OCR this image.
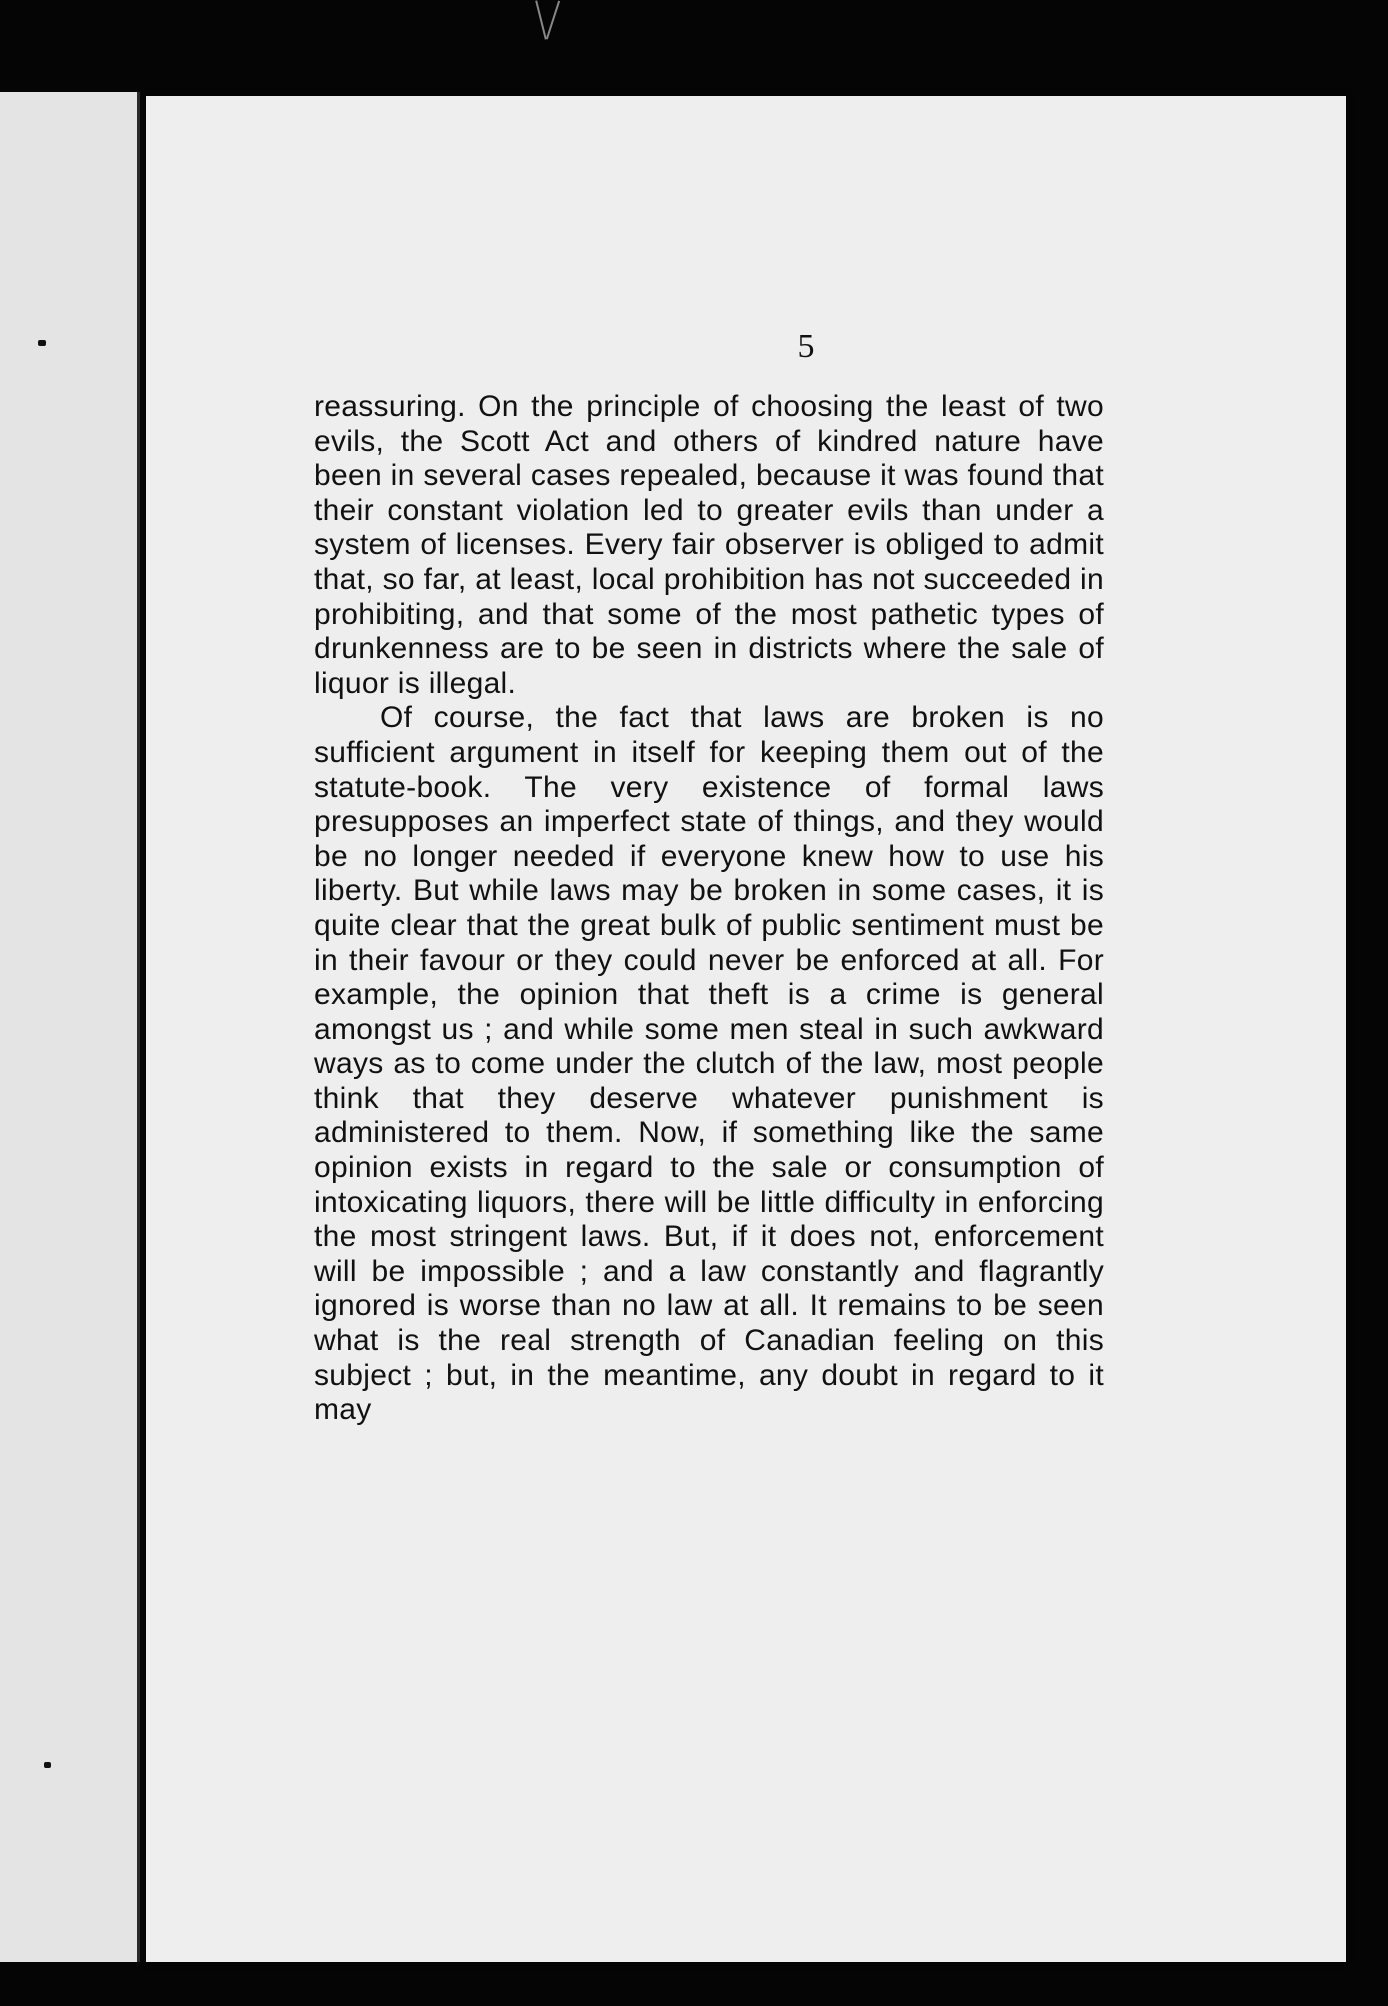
5

reassuring. On the principle of choosing the least of two evils, the Scott Act and others of kindred nature have been in several cases repealed, because it was found that their constant violation led to greater evils than under a system of licenses. Every fair observer is obliged to admit that, so far, at least, local prohibition has not succeeded in prohibiting, and that some of the most pathetic types of drunkenness are to be seen in districts where the sale of liquor is illegal.

Of course, the fact that laws are broken is no sufficient argument in itself for keeping them out of the statute-book. The very existence of formal laws presupposes an imperfect state of things, and they would be no longer needed if everyone knew how to use his liberty. But while laws may be broken in some cases, it is quite clear that the great bulk of public sentiment must be in their favour or they could never be enforced at all. For example, the opinion that theft is a crime is general amongst us ; and while some men steal in such awkward ways as to come under the clutch of the law, most people think that they deserve whatever punishment is administered to them. Now, if something like the same opinion exists in regard to the sale or consumption of intoxicating liquors, there will be little difficulty in enforcing the most stringent laws. But, if it does not, enforcement will be impossible ; and a law constantly and flagrantly ignored is worse than no law at all. It remains to be seen what is the real strength of Canadian feeling on this subject ; but, in the meantime, any doubt in regard to it may
